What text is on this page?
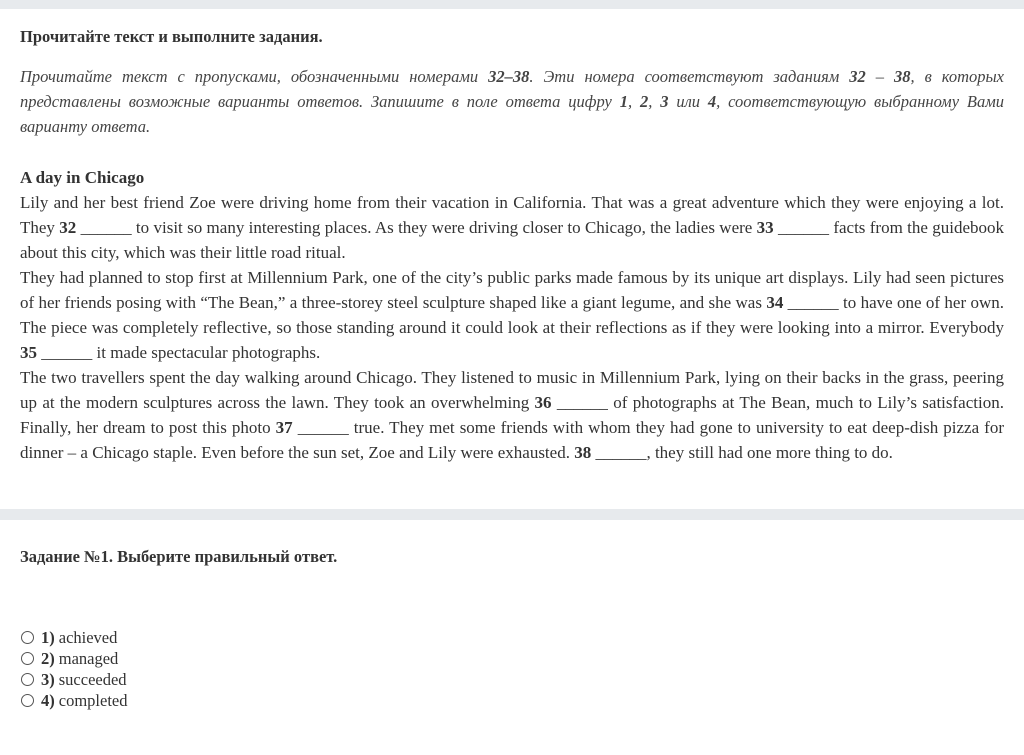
Прочитайте текст и выполните задания.
Прочитайте текст с пропусками, обозначенными номерами 32–38. Эти номера соответствуют заданиям 32 – 38, в которых представлены возможные варианты ответов. Запишите в поле ответа цифру 1, 2, 3 или 4, соответствующую выбранному Вами варианту ответа.
A day in Chicago

Lily and her best friend Zoe were driving home from their vacation in California. That was a great adventure which they were enjoying a lot. They 32 ______ to visit so many interesting places. As they were driving closer to Chicago, the ladies were 33 ______ facts from the guidebook about this city, which was their little road ritual.

They had planned to stop first at Millennium Park, one of the city’s public parks made famous by its unique art displays. Lily had seen pictures of her friends posing with “The Bean,” a three-storey steel sculpture shaped like a giant legume, and she was 34 ______ to have one of her own. The piece was completely reflective, so those standing around it could look at their reflections as if they were looking into a mirror. Everybody 35 ______ it made spectacular photographs.

The two travellers spent the day walking around Chicago. They listened to music in Millennium Park, lying on their backs in the grass, peering up at the modern sculptures across the lawn. They took an overwhelming 36 ______ of photographs at The Bean, much to Lily’s satisfaction. Finally, her dream to post this photo 37 ______ true. They met some friends with whom they had gone to university to eat deep-dish pizza for dinner – a Chicago staple. Even before the sun set, Zoe and Lily were exhausted. 38 ______, they still had one more thing to do.

Задание №1. Выберите правильный ответ.
1) achieved
2) managed
3) succeeded
4) completed
